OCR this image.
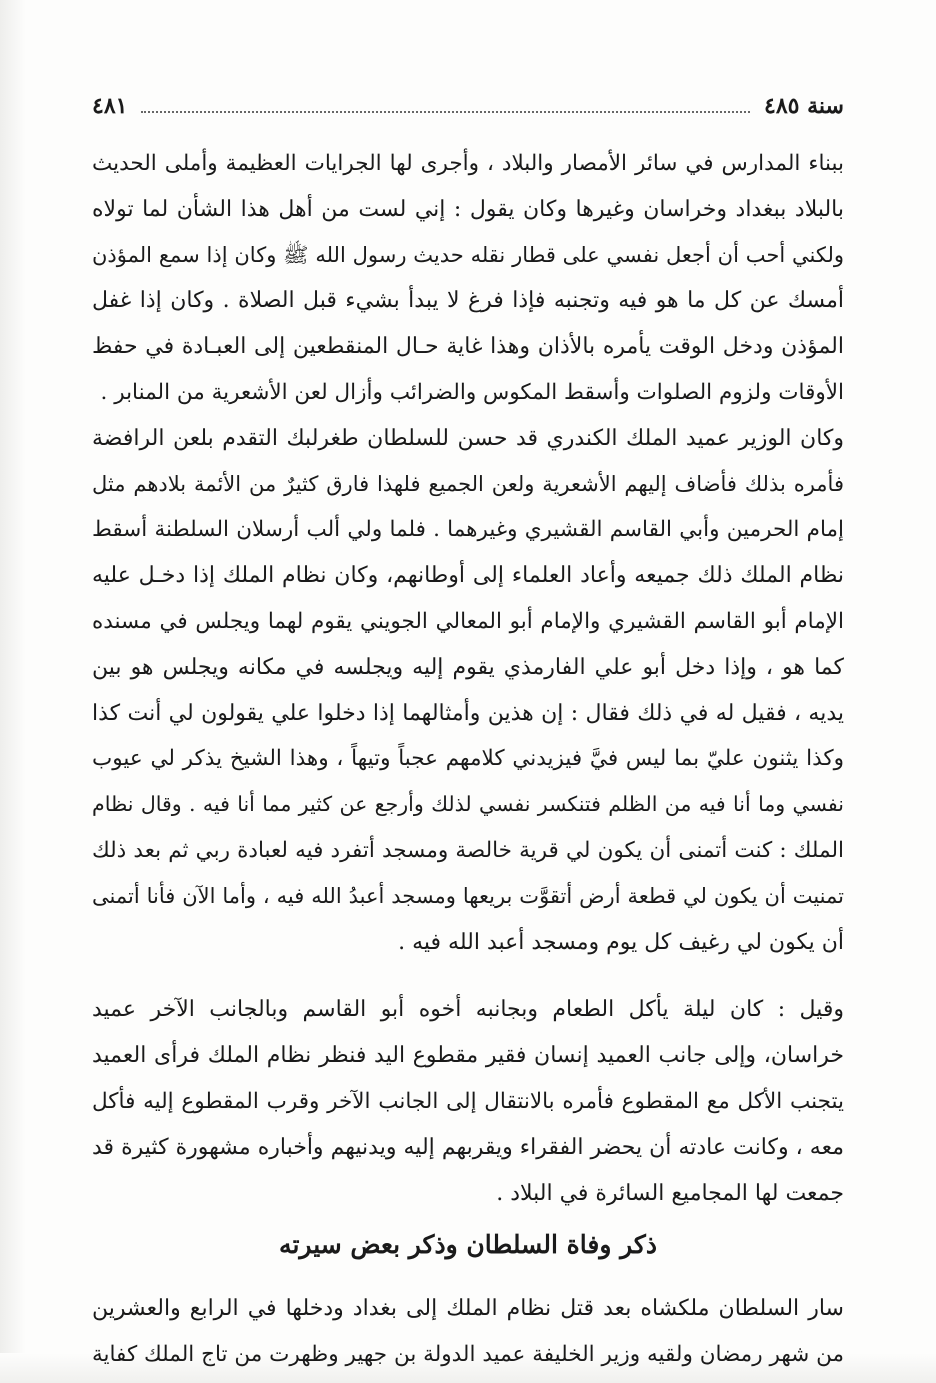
سنة ٤٨٥
٤٨١
ببناء المدارس في سائر الأمصار والبلاد ، وأجرى لها الجرايات العظيمة وأملى الحديث
بالبلاد ببغداد وخراسان وغيرها وكان يقول : إني لست من أهل هذا الشأن لما تولاه
ولكني أحب أن أجعل نفسي على قطار نقله حديث رسول الله ﷺ وكان إذا سمع المؤذن
أمسك عن كل ما هو فيه وتجنبه فإذا فرغ لا يبدأ بشيء قبل الصلاة . وكان إذا غفل
المؤذن ودخل الوقت يأمره بالأذان وهذا غاية حـال المنقطعين إلى العبـادة في حفظ
الأوقات ولزوم الصلوات وأسقط المكوس والضرائب وأزال لعن الأشعرية من المنابر .
وكان الوزير عميد الملك الكندري قد حسن للسلطان طغرلبك التقدم بلعن الرافضة
فأمره بذلك فأضاف إليهم الأشعرية ولعن الجميع فلهذا فارق كثيرٌ من الأئمة بلادهم مثل
إمام الحرمين وأبي القاسم القشيري وغيرهما . فلما ولي ألب أرسلان السلطنة أسقط
نظام الملك ذلك جميعه وأعاد العلماء إلى أوطانهم، وكان نظام الملك إذا دخـل عليه
الإمام أبو القاسم القشيري والإمام أبو المعالي الجويني يقوم لهما ويجلس في مسنده
كما هو ، وإذا دخل أبو علي الفارمذي يقوم إليه ويجلسه في مكانه ويجلس هو بين
يديه ، فقيل له في ذلك فقال : إن هذين وأمثالهما إذا دخلوا علي يقولون لي أنت كذا
وكذا يثنون عليّ بما ليس فيَّ فيزيدني كلامهم عجباً وتيهاً ، وهذا الشيخ يذكر لي عيوب
نفسي وما أنا فيه من الظلم فتنكسر نفسي لذلك وأرجع عن كثير مما أنا فيه . وقال نظام
الملك : كنت أتمنى أن يكون لي قرية خالصة ومسجد أتفرد فيه لعبادة ربي ثم بعد ذلك
تمنيت أن يكون لي قطعة أرض أتقوَّت بريعها ومسجد أعبدُ الله فيه ، وأما الآن فأنا أتمنى
أن يكون لي رغيف كل يوم ومسجد أعبد الله فيه .
وقيل : كان ليلة يأكل الطعام وبجانبه أخوه أبو القاسم وبالجانب الآخر عميد
خراسان، وإلى جانب العميد إنسان فقير مقطوع اليد فنظر نظام الملك فرأى العميد
يتجنب الأكل مع المقطوع فأمره بالانتقال إلى الجانب الآخر وقرب المقطوع إليه فأكل
معه ، وكانت عادته أن يحضر الفقراء ويقربهم إليه ويدنيهم وأخباره مشهورة كثيرة قد
جمعت لها المجاميع السائرة في البلاد .
ذكر وفاة السلطان وذكر بعض سيرته
سار السلطان ملكشاه بعد قتل نظام الملك إلى بغداد ودخلها في الرابع والعشرين
من شهر رمضان ولقيه وزير الخليفة عميد الدولة بن جهير وظهرت من تاج الملك كفاية
